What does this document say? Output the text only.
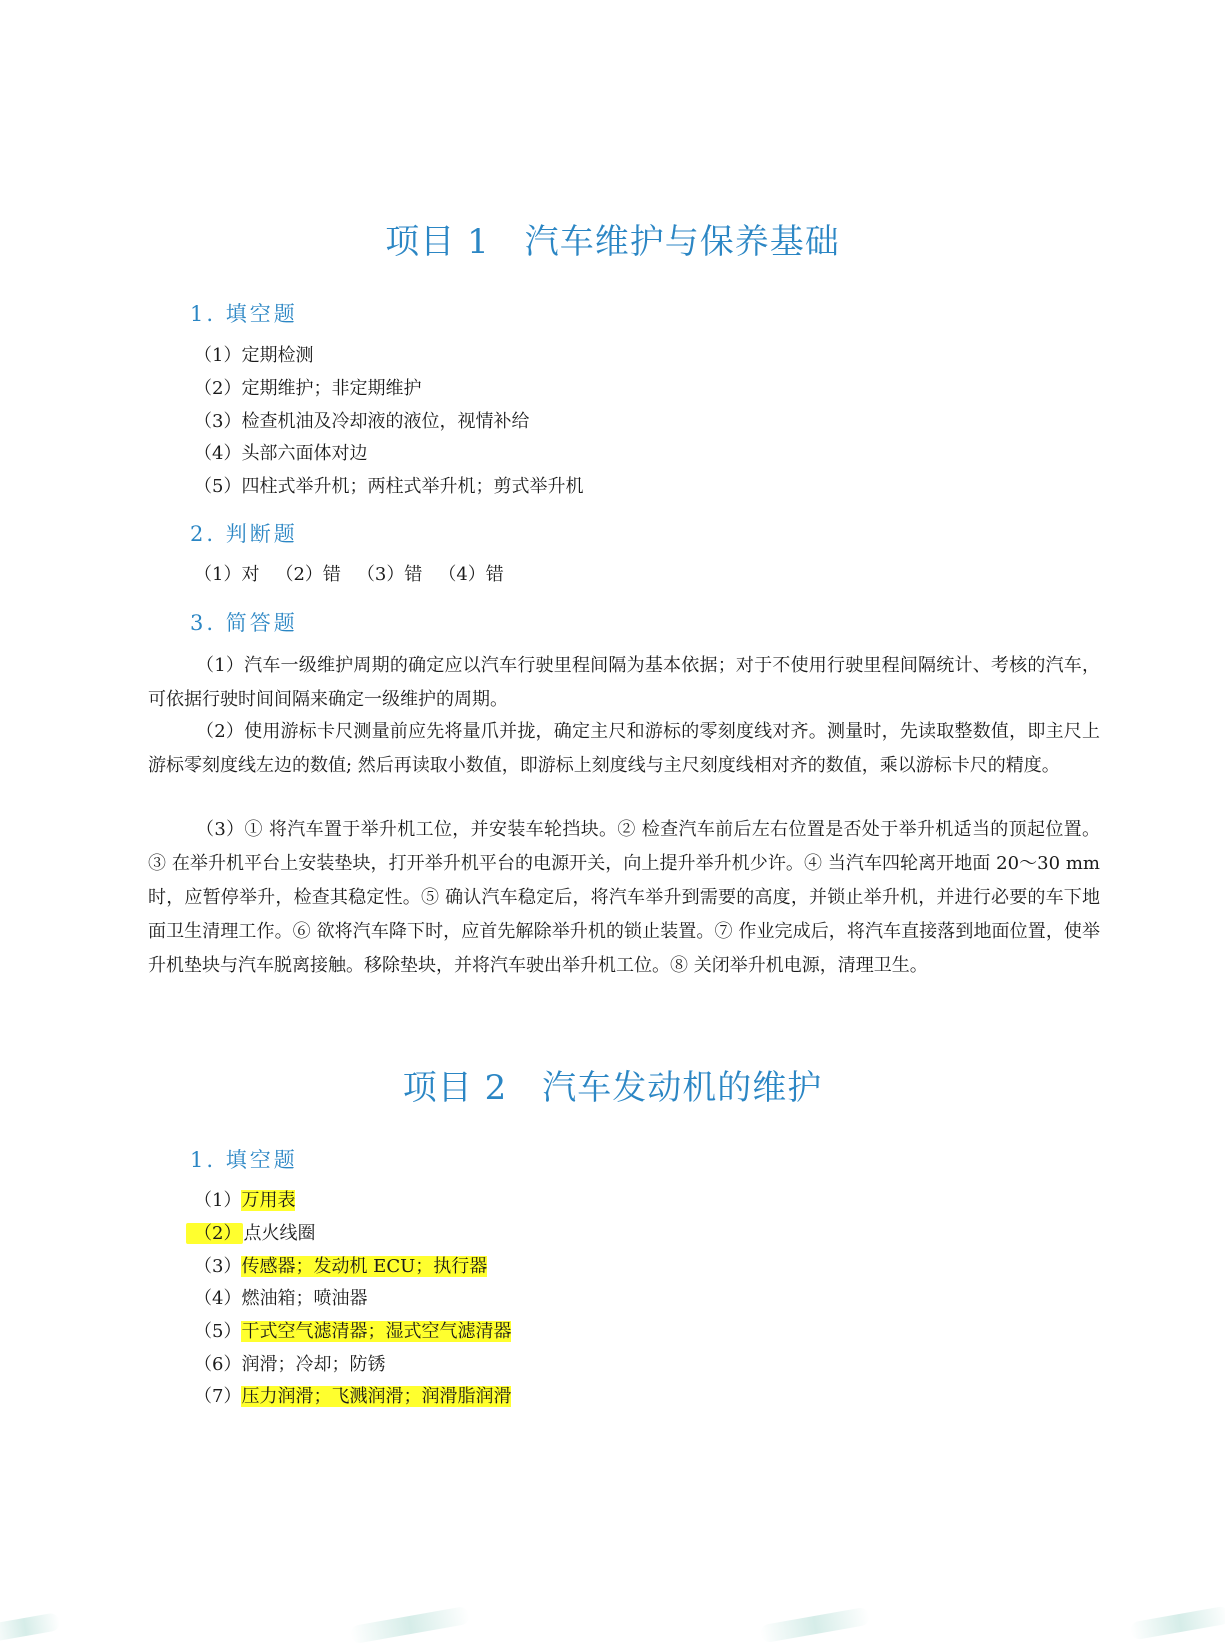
项目 1　汽车维护与保养基础
1. 填空题

（1）定期检测

（2）定期维护；非定期维护

（3）检查机油及冷却液的液位，视情补给

（4）头部六面体对边

（5）四柱式举升机；两柱式举升机；剪式举升机

2. 判断题

（1）对 （2）错 （3）错 （4）错

3. 简答题

（1）汽车一级维护周期的确定应以汽车行驶里程间隔为基本依据；对于不使用行驶里程间隔统计、考核的汽车，可依据行驶时间间隔来确定一级维护的周期。

（2）使用游标卡尺测量前应先将量爪并拢，确定主尺和游标的零刻度线对齐。测量时，先读取整数值，即主尺上游标零刻度线左边的数值; 然后再读取小数值，即游标上刻度线与主尺刻度线相对齐的数值，乘以游标卡尺的精度。

（3）① 将汽车置于举升机工位，并安装车轮挡块。② 检查汽车前后左右位置是否处于举升机适当的顶起位置。③ 在举升机平台上安装垫块，打开举升机平台的电源开关，向上提升举升机少许。④ 当汽车四轮离开地面 20～30 mm 时，应暂停举升，检查其稳定性。⑤ 确认汽车稳定后，将汽车举升到需要的高度，并锁止举升机，并进行必要的车下地面卫生清理工作。⑥ 欲将汽车降下时，应首先解除举升机的锁止装置。⑦ 作业完成后，将汽车直接落到地面位置，使举升机垫块与汽车脱离接触。移除垫块，并将汽车驶出举升机工位。⑧ 关闭举升机电源，清理卫生。

项目 2　汽车发动机的维护
1. 填空题

（1）万用表

（2） 点火线圈

（3）传感器；发动机 ECU；执行器

（4）燃油箱；喷油器

（5）干式空气滤清器；湿式空气滤清器

（6）润滑；冷却；防锈

（7）压力润滑；飞溅润滑；润滑脂润滑
